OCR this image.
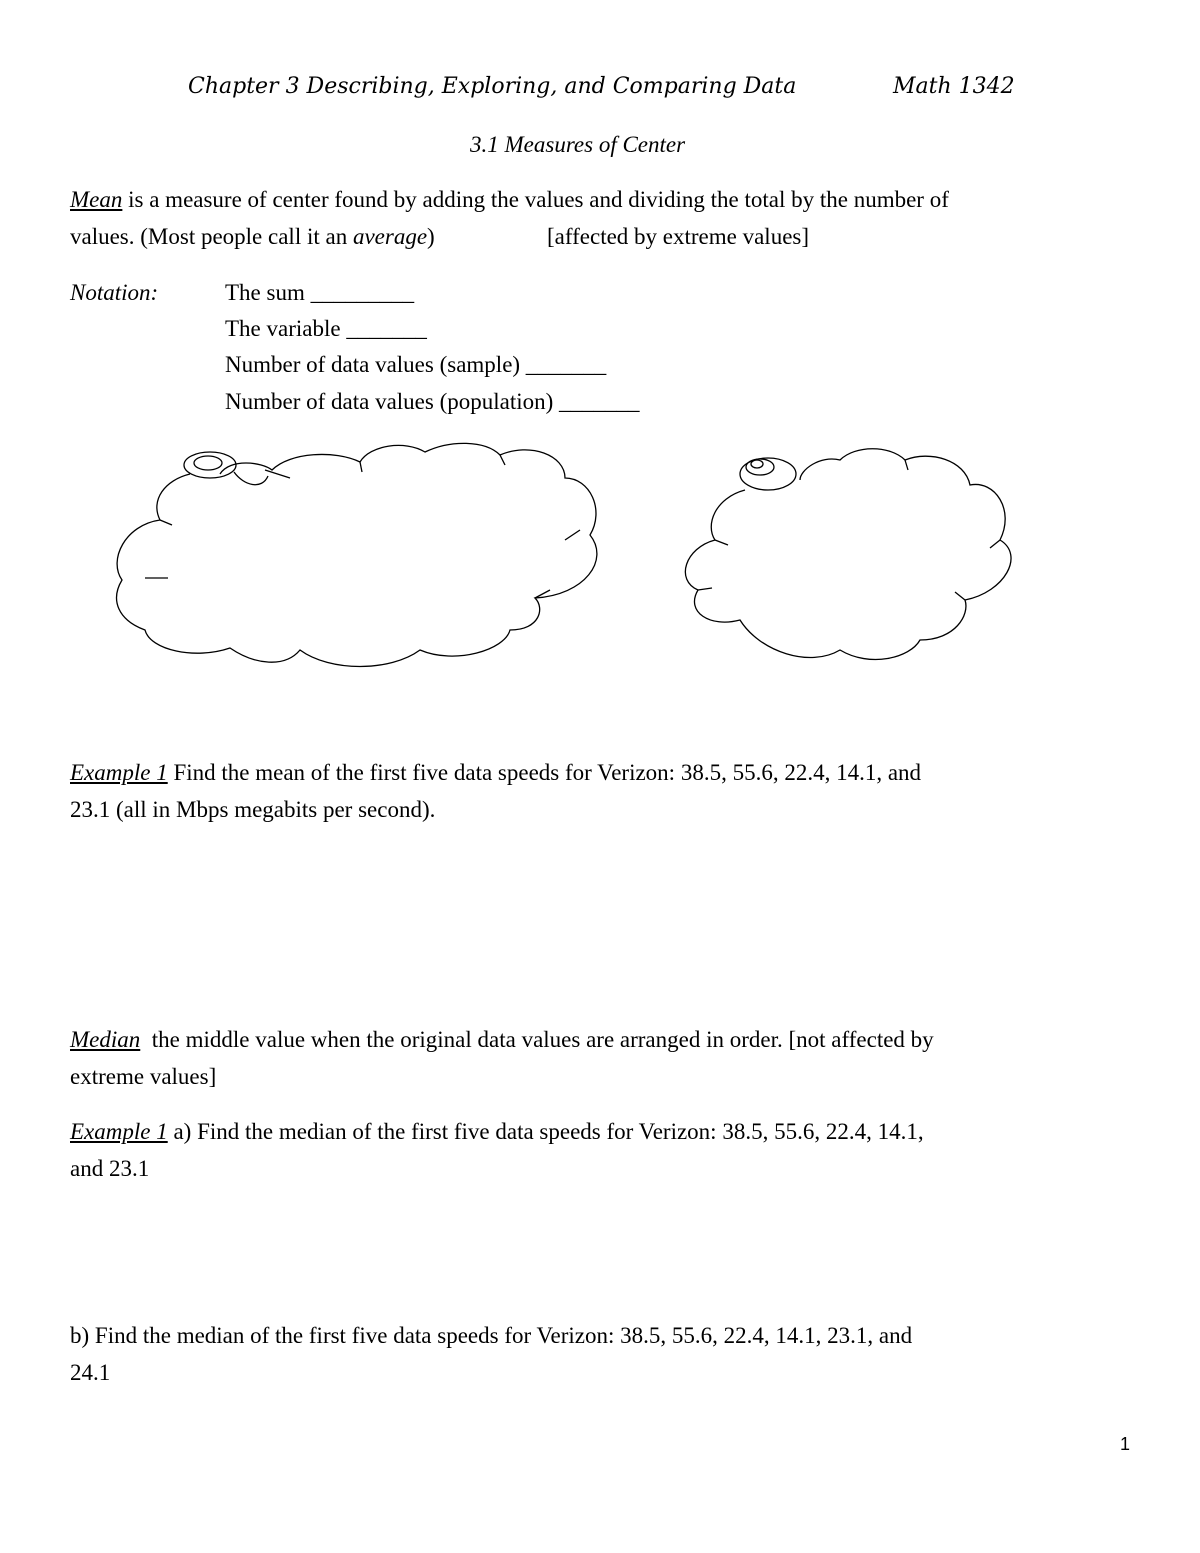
Chapter 3 Describing, Exploring, and Comparing Data	Math 1342
3.1 Measures of Center
Mean is a measure of center found by adding the values and dividing the total by the number of
values. (Most people call it an average)	[affected by extreme values]
Notation:	The sum _________
The variable _______
Number of data values (sample) _______
Number of data values (population) _______
Example 1 Find the mean of the first five data speeds for Verizon: 38.5, 55.6, 22.4, 14.1, and
23.1 (all in Mbps megabits per second).
Median  the middle value when the original data values are arranged in order. [not affected by
extreme values]
Example 1 a) Find the median of the first five data speeds for Verizon: 38.5, 55.6, 22.4, 14.1,
and 23.1
b) Find the median of the first five data speeds for Verizon: 38.5, 55.6, 22.4, 14.1, 23.1, and
24.1
1
